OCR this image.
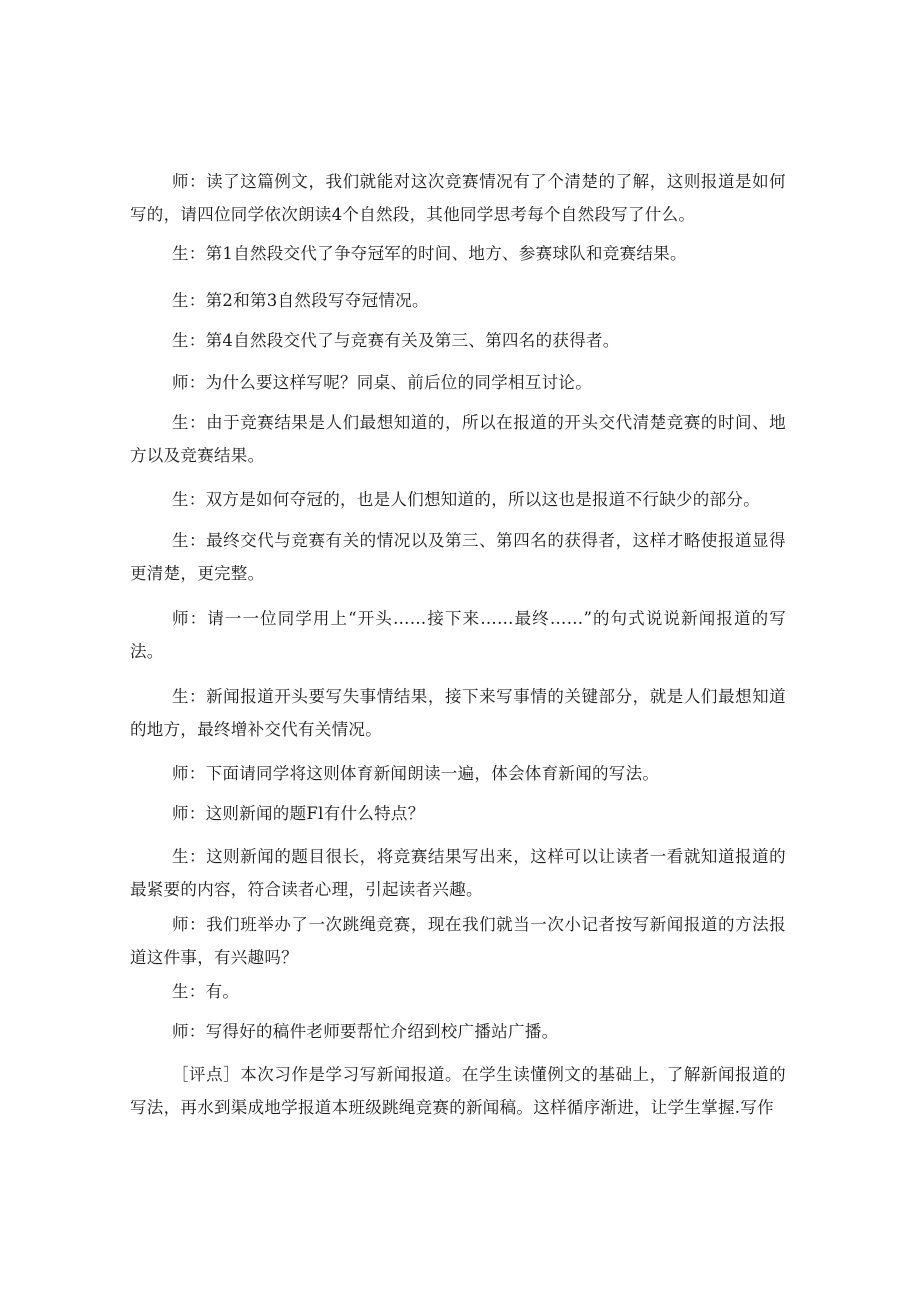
师：读了这篇例文，我们就能对这次竞赛情况有了个清楚的了解，这则报道是如何写的，请四位同学依次朗读4个自然段，其他同学思考每个自然段写了什么。

生：第1自然段交代了争夺冠军的时间、地方、参赛球队和竞赛结果。

生：第2和第3自然段写夺冠情况。

生：第4自然段交代了与竞赛有关及第三、第四名的获得者。

师：为什么要这样写呢？同桌、前后位的同学相互讨论。

生：由于竞赛结果是人们最想知道的，所以在报道的开头交代清楚竞赛的时间、地方以及竞赛结果。

生：双方是如何夺冠的，也是人们想知道的，所以这也是报道不行缺少的部分。

生：最终交代与竞赛有关的情况以及第三、第四名的获得者，这样才略使报道显得更清楚，更完整。

师：请一一位同学用上“开头……接下来……最终……”的句式说说新闻报道的写法。

生：新闻报道开头要写失事情结果，接下来写事情的关键部分，就是人们最想知道的地方，最终增补交代有关情况。

师：下面请同学将这则体育新闻朗读一遍，体会体育新闻的写法。

师：这则新闻的题Fl有什么特点？

生：这则新闻的题目很长，将竞赛结果写出来，这样可以让读者一看就知道报道的最紧要的内容，符合读者心理，引起读者兴趣。

师：我们班举办了一次跳绳竞赛，现在我们就当一次小记者按写新闻报道的方法报道这件事，有兴趣吗？

生：有。

师：写得好的稿件老师要帮忙介绍到校广播站广播。

［评点］本次习作是学习写新闻报道。在学生读懂例文的基础上，了解新闻报道的写法，再水到渠成地学报道本班级跳绳竞赛的新闻稿。这样循序渐进，让学生掌握.写作
